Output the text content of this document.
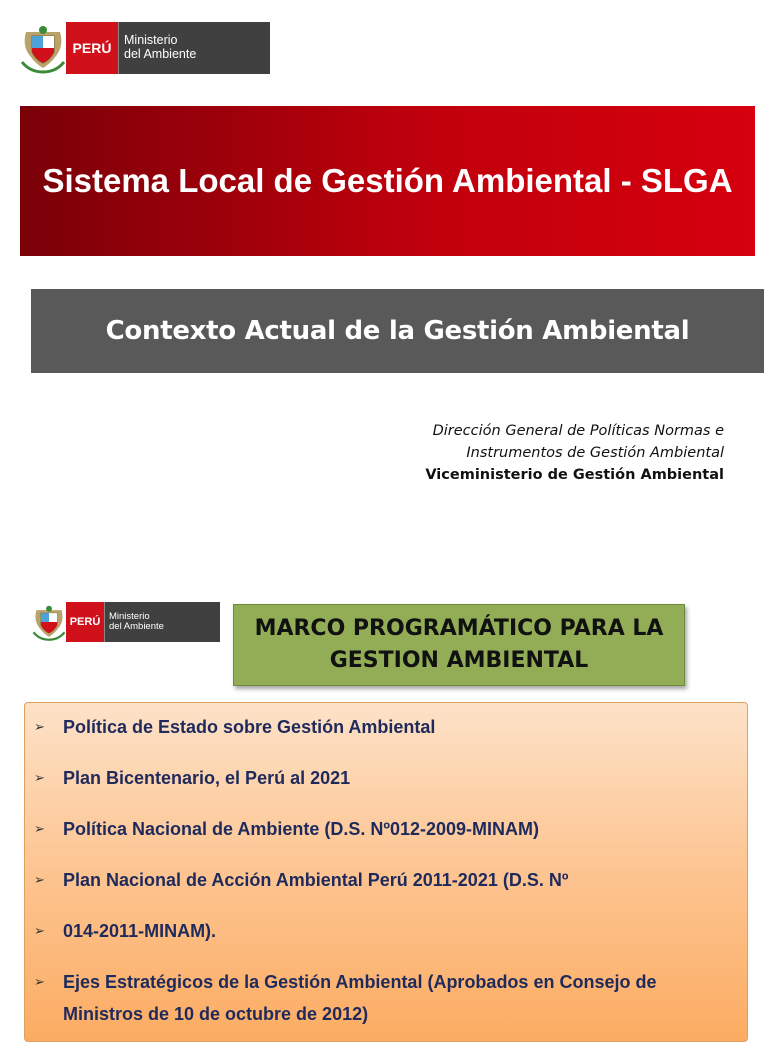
PERÚ	Ministerio
del Ambiente
Sistema Local de Gestión Ambiental - SLGA
Contexto Actual de la Gestión Ambiental
Dirección General de Políticas Normas e
Instrumentos de Gestión Ambiental
Viceministerio de Gestión Ambiental
PERÚ Ministerio
del Ambiente	MARCO PROGRAMÁTICO PARA LA GESTION AMBIENTAL
➢ Política de Estado sobre Gestión Ambiental
➢ Plan Bicentenario, el Perú al 2021
➢ Política Nacional de Ambiente (D.S. Nº012-2009-MINAM)
➢ Plan Nacional de Acción Ambiental Perú 2011-2021 (D.S. Nº
➢ 014-2011-MINAM).
➢ Ejes Estratégicos de la Gestión Ambiental (Aprobados en Consejo de Ministros de 10 de octubre de 2012)
